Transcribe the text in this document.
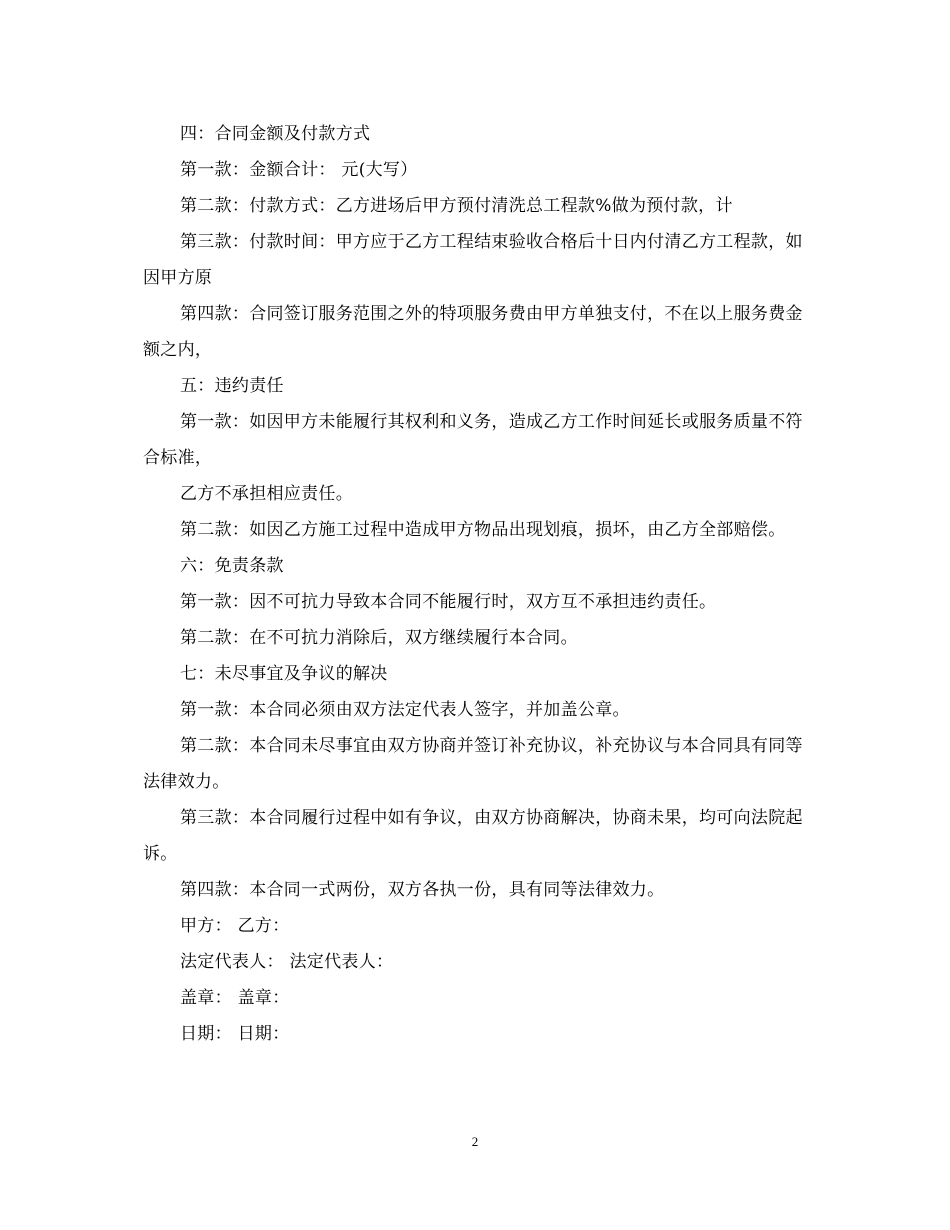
四：合同金额及付款方式

第一款：金额合计： 元(大写）

第二款：付款方式：乙方进场后甲方预付清洗总工程款%做为预付款，计

第三款：付款时间：甲方应于乙方工程结束验收合格后十日内付清乙方工程款，如因甲方原

第四款：合同签订服务范围之外的特项服务费由甲方单独支付，不在以上服务费金额之内，

五：违约责任

第一款：如因甲方未能履行其权利和义务，造成乙方工作时间延长或服务质量不符合标准，

乙方不承担相应责任。

第二款：如因乙方施工过程中造成甲方物品出现划痕，损坏，由乙方全部赔偿。

六：免责条款

第一款：因不可抗力导致本合同不能履行时，双方互不承担违约责任。

第二款：在不可抗力消除后，双方继续履行本合同。

七：未尽事宜及争议的解决

第一款：本合同必须由双方法定代表人签字，并加盖公章。

第二款：本合同未尽事宜由双方协商并签订补充协议，补充协议与本合同具有同等法律效力。

第三款：本合同履行过程中如有争议，由双方协商解决，协商未果，均可向法院起诉。

第四款：本合同一式两份，双方各执一份，具有同等法律效力。

甲方： 乙方：

法定代表人： 法定代表人：

盖章： 盖章：

日期： 日期：

2
